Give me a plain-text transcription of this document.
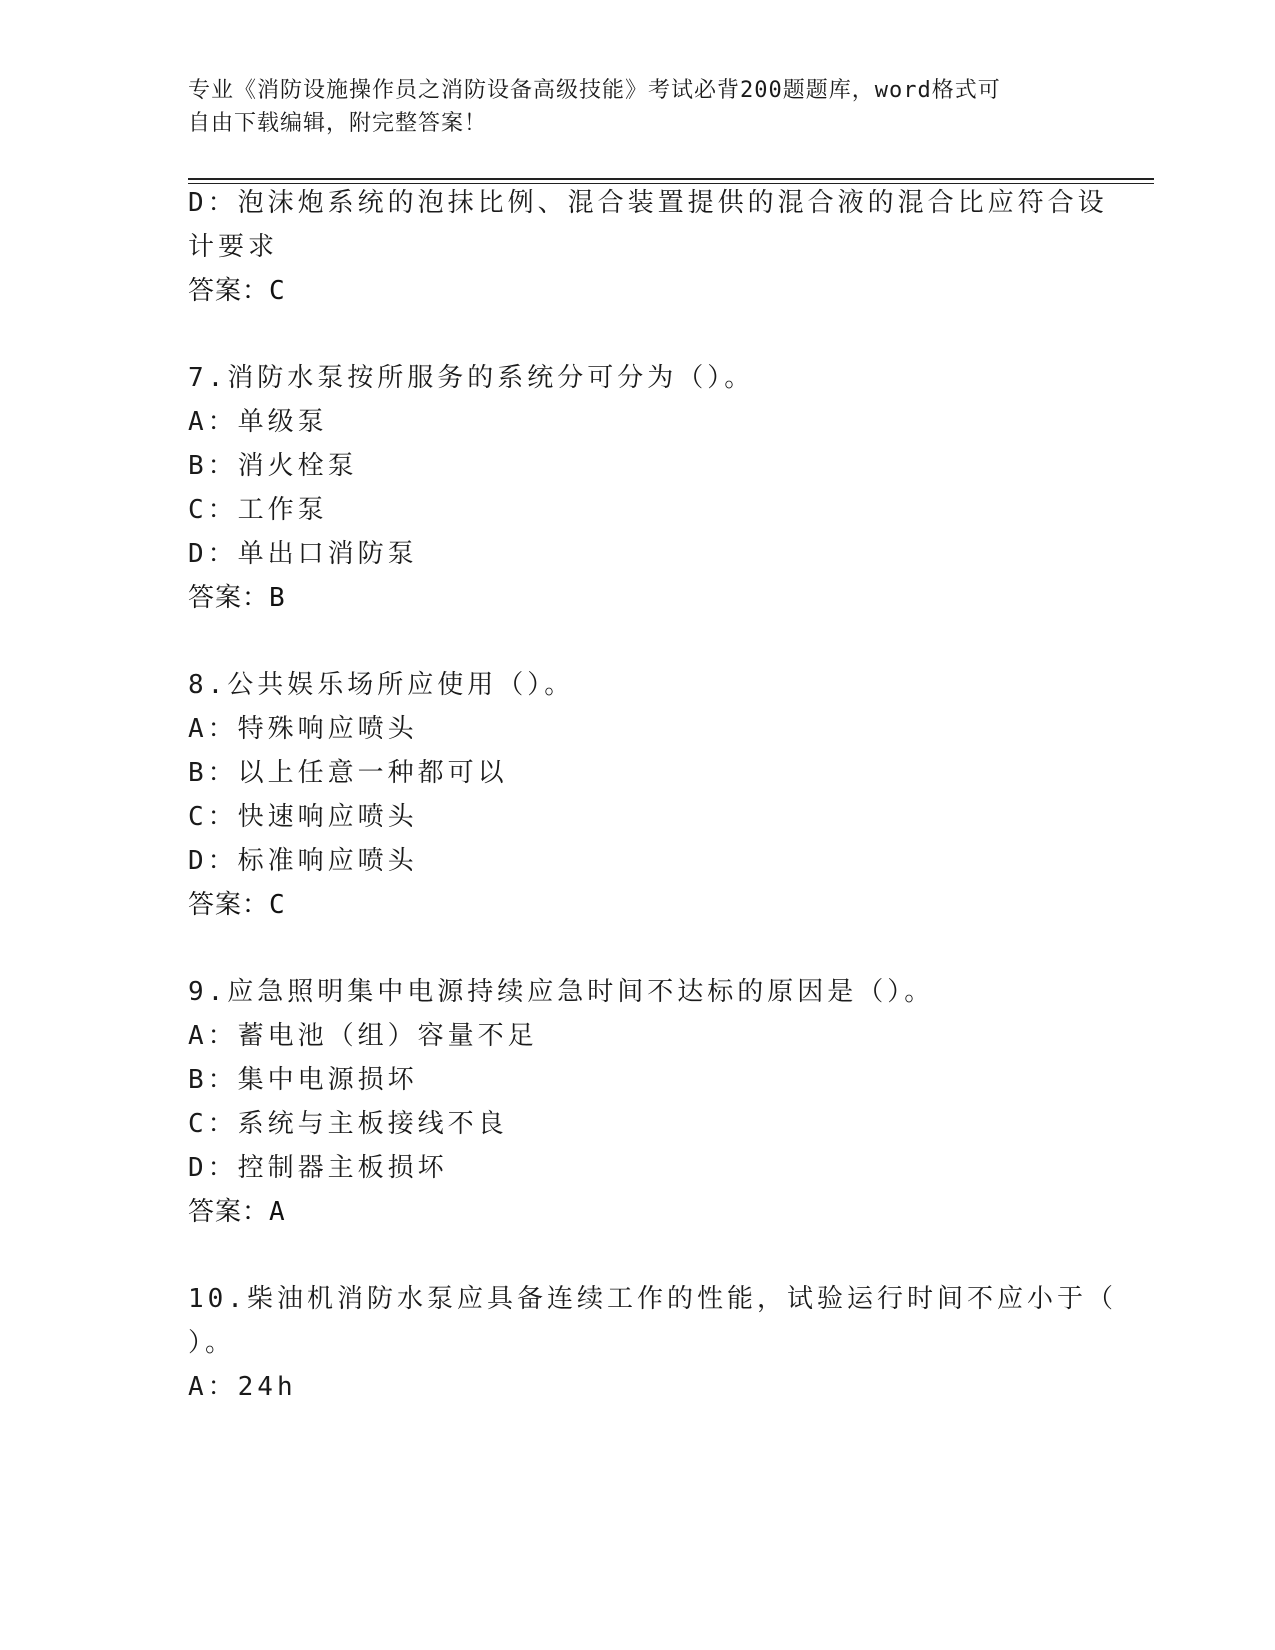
专业《消防设施操作员之消防设备高级技能》考试必背200题题库，word格式可
自由下载编辑，附完整答案！
D：泡沫炮系统的泡抹比例、混合装置提供的混合液的混合比应符合设
计要求
答案：C
7.消防水泵按所服务的系统分可分为（）。
A：单级泵
B：消火栓泵
C：工作泵
D：单出口消防泵
答案：B
8.公共娱乐场所应使用（）。
A：特殊响应喷头
B：以上任意一种都可以
C：快速响应喷头
D：标准响应喷头
答案：C
9.应急照明集中电源持续应急时间不达标的原因是（）。
A：蓄电池（组）容量不足
B：集中电源损坏
C：系统与主板接线不良
D：控制器主板损坏
答案：A
10.柴油机消防水泵应具备连续工作的性能，试验运行时间不应小于（
）。
A：24h
